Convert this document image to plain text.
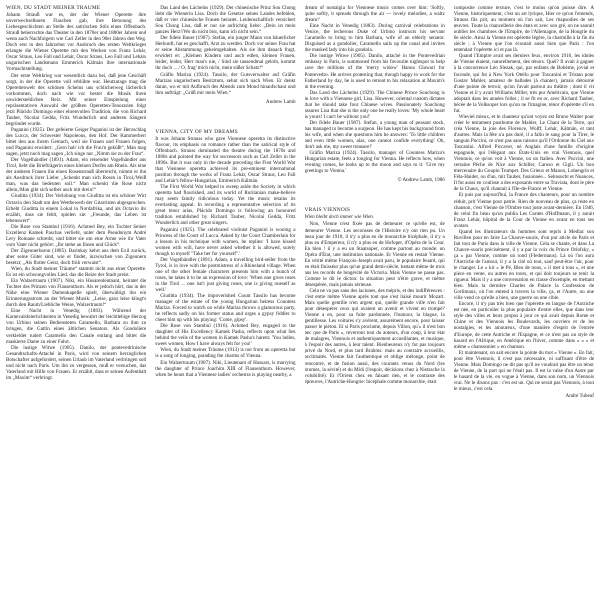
WIEN, DU STADT MEINER TRÄUME

Johann Strauß war es, der der Wiener Operette ihre unverwechselbaren Flaschen gab, ihre Betonung des Liebesgeschichten an Stelle des satirischen Stils eines Offenbach. Strauß beherrschte das Theater in den 1870er und 1880er Jahren und wenn auch Nachfolgern wie Carl Zeller in den 90er Jahren den Weg. Doch erst in den Jahrzehnt vor Ausbruch des ersten Weltkrieges erlangte die Wiener Operette mit den Werken von Franz Lehár, Oscar Straus, Leo Fall und Lehár, Oscar Straus, Leo Fall und Lehárs ungarischen Landsmann Emmerich Kálmán ihre internationale Vormachtstellung.

Der erste Weltkrieg war wesentlich dazu bei, daß jene Geschäft sorgt, in der die Operette voll erblühte war. Heutzutage mag die Operettenwelt des schönen Scheins uns schlicherweg lächerlich vorkommen, doch nach wie vor bestet die Musik ihren unwiderstehlichen Reiz. Mit seiner Einspielung einer repräsentativen Auswahl der größten Operetten-Tenorarien folgt jetzt Plácido Domingo einer ehrenvollen Tradition, die von Richard Tauber, Nicolai Gedda, Fritz Wunderlich und anderen Sängern begründet wurde.

Paganini (1925). Der gefeierte Geiger Paganini ist der Herzschlag des Lucca, der Schwester Napoleons, den Hof. Der Kammerherr bittet den aus ihrem Gemach, weil sie Frauen und Frauen folgen, und Paganini erwidert: „Gern hab' ich die Frau'n geküßt“, Man mag sagen, jetzt noch mag sagen „Ich singe nur „Nimm sie zu der Frau“.

Der Vogelhändler (1891). Adam, ein reisender Vogelhändler aus Tirol, liebt die Briefträgerin eines kleinen Dorfes am Rhein. Als eine der anderen Frauen ihn einen Rosenstrauß überreicht, nimmt er ihn als Ausdruck ihrer Liebe: „Schenkt man sich Rosen in Tirol,/Weiß man, was das bedeuten soll.“ Man schenkt die Rose nicht allein,/Man gibt sich selber auch mit drein!“

Giuditta (1934). Der Verlobung von Giuditta ist ein schöner Wirt Octavio den Stadt um den Wettbewerb der Gitarristen abgesprochen. Erhebt Giuditta in einem Lokal in Nordafrika, und als Octavio ihr erzählt, dass sie fehlt, spielen sie: „Freunde, das Leben ist lebenswert“.

Die Rose von Stambul (1916). Achmed Bey, ein Tochter Seiner Exzellenz Kamek Paschas verliebt, unter dem Pseudonym André Lery Romane schreibt, und bittet sie um eine Arme wie ihr Vater vom Vater nicht gehört: „Ihr stehe an Ihnen und Glück“.

Der Zigeunerbaron (1885). Barinkay kehrt aus dem Exil zurück, aber seine Güter sind, wie er findet, inzwischen von Zigeunern besetzt; „Als flotter Geist, doch früh verwaist“.

Wien, du Stadt meiner Träume“ stammt nicht aus einer Operette. Es ist ein schwungvolles Lied, das die Reize der Stadt preist.

Ein Walzertraum (1907). Niki, ein Husarenleutnant, heiratet die Tochter des Prinzen von Flausenthurn. Als er jedoch hört, das in der Nähe eine Wiener Damenkapelle spielt, überwältigt ihn ein Erinnerungsstrom an der Wiener Musik: „Leise, ganz leise klingt's durch den Raum/Liebliche Weise, Walzertraum!“

Eine Nacht in Venedig (1883). Während der Karnevalsfeierlichkeiten in Venedig bewahrt der leichtlebige Herzog von Urbino seinen Bediensteten Caramello, Barbara zu ihm zu bringen, die Gattin eines ältlichen Senators. Als Gondoliere verkleidet rudert Caramello den Canale entlang und bittet die maskierte Dame zu einer Fahrt.

Die lustige Witwe (1905). Danilo, der pontevedrinische Gesandtschafts-Attaché in Paris, wird von seinem herzoglichen Botschafter aufgefordert, seinen Urlaub im Vaterland verbringen soll und nicht nach Paris. Um ihn zu vergessen, muß er versuchen, das Vaterland mit Hilfe von Frauen. Er erzählt, dass er seinen Aufenthalt im „Maxim“ verbringt.

Das Land des Lächelns (1929). Der chinesische Prinz Sou Chong liebt die Wienerin Lisa. Doch die Gesetze seines Landes befehlen, daß er vier chinesische Frauen heiratet. Leidenschaftlich versichert Sou Chong Lisa, daß er nur sie aufrichtig liebe: „Dein ist mein ganzes Herz!/Wo du nicht bist, kann ich nicht sein.“

Der fidele Bauer (1907). Stefan, ein junger Mann von bäuerlicher Herkunft, hat es geschafft, Arzt zu werden. Doch vor seiner Frau hat er seine Abstammung geheimgehalten. Als sie ihm danach fragt, erwidert er: „Kleinen Kindern und auch edlen, kleinen Frauen, leider, leider, Herr man's nie, / Sind sie tausendmal gelobt, kommt ihr doch ... / O, frag' mich nicht, mein süßer Schatz!“

Gräfin Mariza (1924). Tassilo, der Gutsverwalter auf Gräfin Marizas ungarischem Besitztum, sehnt sich nach Wien. Er denkt daran, wo er mit Aufbruch des Abends zum Mond hinaufschaut und ihm aufträgt: „Grüß mir mein Wien.“

Andrew Lamb
VIENNA, CITY OF MY DREAMS

It was Johann Strauss who gave Viennese operetta its distinctive flavour, its emphasis on romance rather than the satirical style of Offenbach. Strauss dominated the theatre during the 1870s and 1880s and pointed the way for successors such as Carl Zeller in the 1890s. But it was only in the decade preceding the First World War that Viennese operetta achieved its pre-eminent international position through the works of Franz Lehár, Oscar Straus, Leo Fall and Lehár's fellow-Hungarian, Emmerich Kálmán.

The First World War helped to sweep aside the Society in which operetta had flourished, and its world of Ruritanian make-believe may seem faintly ridiculous today. Yet the music retains its everlasting appeal. In recording a representative selection of its great tenor arias, Plácido Domingo is following an honoured tradition established by Richard Tauber, Nicolai Gedda, Fritz Wunderlich and other great singers.

Paganini (1925). The celebrated violinist Paganini is wooing a Princess of the Court of Lucca. Asked by the Court Chamberlain for a lesson in his technique with women, he replies: 'I have kissed women with will, have never asked whether it is allowed, surely though to myself "Take her for yourself".'

Der Vogelhändler (1891). Adam, a travelling bird-seller from the Tyrol, is in love with the postmistress of a Rhineland village. When one of the other female characters presents him with a bunch of roses, he takes it to be an expression of love: 'When one gives roses in the Tirol ... one isn't just giving roses, one is giving oneself as well.'

Giuditta (1934). The impoverished Count Tassilo has become manager of the estate of the young Hungarian heiress Countess Mariza. Forced to watch on while Mariza throws a glamorous party, he reflects sadly on his former status and urges a gypsy fiddler to cheer him up with his playing: 'Come, gipsy'.

Die Rose von Stambul (1916). Achmed Bey, engaged to the daughter of His Excellency Kamek Pasha, reflects upon what lies behind the veils of the women in Kamek Pasha's harem: 'You ladies, sweet women, How I have always felt for you!'

Wien, du Stadt meiner Träume (1913) is not from an operetta but is a song of longing, parading the charms of Vienna.

Ein Walzertraum (1907). Niki, Lieutenant of Hussars, is marrying the daughter of Prince Joachim XIII of Flausenthurn. However, when he hears that a Viennese ladies' orchestra is playing nearby, a

dream of nostalgia for Viennese music comes over him: 'Softly, quite softly, it spreads through the air — lovely melodies, a waltz dream!'

Eine Nacht in Venedig (1883). During carnival celebrations in Venice, the lecherous Duke of Urbino instructs his servant Caramello to bring to him Barbara, wife of an elderly senator. Disguised as a gondolier, Caramello sails up the canal and invites the masked lady into his gondola.

Die lustige Witwe (1905). Danilo, attaché in the Pontevedrian embassy in Paris, is summoned from his favourite nightspot to help save the millions of the 'merry widow' Hanna Glawari for Pontevedro. He arrives protesting that, though happy to work for the Fatherland by day, he is used to retreat to his relaxation at Maxim's in the evening.

Das Land des Lächelns (1929). The Chinese Prince Souchong is in love with a Viennese girl, Lisa. However, oriental custom dictates that he should take four Chinese wives. Passionately Souchong assures Lisa that she is the only one he really loves: 'My whole heart is yours! I can't be without you!'

Der fidele Bauer (1907). Stefan, a young man of peasant stock, has managed to become a surgeon. He has kept his background from his wife, and when she questions him he answers: 'To little children and even little women, alas, one cannot confide everything! Oh, don't ask me, my sweet treasure!'

Gräfin Mariza (1924). Tassilo, manager of Countess Mariza's Hungarian estate, feels a longing for Vienna. He reflects how, when evening comes, he looks up to the moon and says to it: 'Give my greetings to Vienna.'

© Andrew Lamb, 1986
VRAIS VIENNOIS

Wien bleibt doch immer wie Wien.

Non, Vienne n'est fixée pas de demeurer ce qu'elle est, de demeurer Vienne. Les seconsses de l'Histoire n'y ont rien pu. Un beau jour de 1918, il n'y a plus eu de monarchie bicéphale, il n'y a plus eu d'Empereur, il n'y a plus eu de Hofoper, d'Opéra de la Cour. En bien ! il y a eu un Staatsoper, comme partout au monde: un Opéra d'État, une institution nationale. Et Vienne en restait Vienne. En vérité même François-Joseph avait paru, le populaire feuard, qui en était finisséur plus qu'un grand demi-siècle, battant même de trois ans les records de longévité de Victoria. Mais Vienne ne passe pas. Comme le dit le dicton: la situation peut n'être grave, et même désespérée, mais jamais sérieuse.

Cela ne va pas sans des laciunes, des mépris, et des indifférences : c'est entre même Vienne après tout que s'est liaisé mourir Mozart. Mais quelle gentille n'en argent qui, quelle grande ville n'en fait pour désespérer ceux qui avaient un avenir et vivent en trompé? Vienne a en, pour sa fuite pardonnée, l'humour, la blague, la gentillesse. Les voitures s'y avèrent, assurément encore, pour laisser passer le piéton. Et si Paris proclame, depuis Villon, qu'« il n'est bon bec que de Paris », reverront tout du auteurs, d'un coup, à leur état de malagres, Viennois et authentiquement accueillantes, et musique, à l'espoir des autres, à leur talent. Bienheureux n'y fut pas toujours privé du Nord, et plus tard Brahms: mais au contraire accueillis, acclimatés. Vienne fait l'authentique et oblige mélonge, point de rencontre, et de fusion aussi, des courants venus du Nord (les brumes, la sévité) et du Midi (l'espoir, décisions chez à Nietzsche la volubilité). Et l'Orient chez en faisant rien, et le contraste des épreuves, l'Autriche-Hongrie: bicéphale comme monarchie, était

composite comme texture, c'est le moins qu'on puisse dire. À Vienne, historiquement, c'est un art lyrique, Hier ce qu'on l'entends, Strauss fils prit, au moment où l'on sait, Les rhapsodies de ses œuvres. Toute la chancellerie des états et avec son gré, on ne saurait oublier les chambres de l'Empire, de l'Allemagne, de la Hongrie du 6e siècle. Ainsi la Vienne est opérette légère, la charmille à la fin du siècle ; à Vienne que l'on écoutait aussi bien que Paris : l'on entendait l'opérette ici et pas là.

Quand l'Empire avait ses derniers feux, environ 1910, les idoles de Vienne étaient, naturellement, des ténors. Quel? Il avait à gagner à la concurrence Léo Slezak, qui, par enfants de Bohème, jovial et faconde, qui fut à New York Otello pour Toscanini et Tristan pour Gustav Mahler, amateur de ballades (à chanter), jamais détourné d'une pointe de terroir, qu'on l'avait partout au théâtre ; dont il vit Vienne et il y avait Williams Miller, très pur Américain, que Vienne adoptait dans les années folles ; il se fit en or, avec Richard Tauber, hécée de la Volksoper lors qu'on ne l'imagine, ténor d'opérette s'il en fut.

Wieviel mieux, et le chanteur qu'ont voyez est Bruno Walter pour créer le testament posthume de Mahler, Le Chant de la Terre, qui créa Vienne, la joie des Florence, Wolff, Lehár, Kálmán, et tant d'autres. Mais la fête n'a pas duré, il a fallu le sang pour la Tirer, le sanguin Puccini, ce n'est pas sans raisons qu'il l'Ordonne du Ciel aux Toscanini. Alfred Piccaver, né Anglais d'une famille d'origine espagnole, qui l'élégant aux États-Unis en vrai Viennois, quel Viennois, ce qu'on voit à Vienne, ou un Italien. Avec Puccini, une certaine Pêche de Nice aux Schiller, Caruso et Gigli. Un bon mercenaire du Goupin Trumpet. Des Grieux et Manon, Lohengrin et Féla-Haider, ou d'un, mit Tauber, fusionnée... Sehnsucht et Nuances, Il fut aussi en coulisse a des exposants entre sa Traviata, dont le père de la Chaux, qu'il chantait à l'Ile-de-France et Vienne.

Et puis par aujourd'hui, la France des chanteurs, pour un nombre réduit, prit Vienne pour patrie. Rien de nouveau de plus, ça reste en chanson, c'est Vienne de l'Ombre tout juste avant-dernière. En 1946, de celui fin beau qu'on publia Les Contes d'Hoffmann, il y aurait Franz Lehár, hôpital de la Cour de Vienne en avant en tous ses avatars.

Quand les illustrateurs du hommes sont repris à Medlac son Ruvillen pour en faire La Chauve-souris, d'un pur aticle de Paris et fait tout de Paris dans la ville de Vienne. Cela se chante, et dans La Chauve-souris précisément, il y a par la voix du Prince Orlofsky, « ça » par Vienne, comme un rond (Fledermaus). Là où l'on aura l'Autriche de l'amour, il y a la cité où tout, sauf peut-être l'air, pour le changer. Le « kir » le Pé, Bleu de nous, « il met à tous », et une pièce en vente, ou autres en tours, et qui doit toujours se tenir la rigueur. Mais il y a une conversation en classe d'exemple, en mettant bien. Mais la dernière Charles de Palace la Confession de Gorlimaux, où l'on entend à travers la ville, ça, et l'Autre, ou une ville vend ce qu'elle a bien, une guerre ou une cible.

Encore, il n'y pas très bien que l'opérette en langue de l'Autriche est née, en particulier la plus populaire d'entre elles, que dans leur style des villes et leurs propos à jour ce qui avait depuis Rome et Chine et des Viennois les Boulevards, les ouvriers et de les nostalgies, et les amoureux, d'une manière d'esprit de l'entrée d'Europe, de cette Autriche et l'Espagne, et ce n'est pas un style de hasard en l'Afrique, en Amérique en l'hiver, comme dans « « « et même « chansonnier » en chanson.

Et maintenant, on sait encore la pointe du mot « Vienne ». En fait, pour être Viennois, il n'est pas nécessaire, ni suffisant d'être de Vienne. Mais Domingo ne dit pas qu'il ne voudrait pas être un ténor de Vienne, de la part qui ne l'était pas. Il est la valse d'un Autre par le hasard de la vie, en vogue à Vienne, dans son nom, un Viennois vrai. Ne le disons pas : c'en est un. Qui ne serait pas Viennois, à tout le mieux, c'est cela.

André Tubeuf
